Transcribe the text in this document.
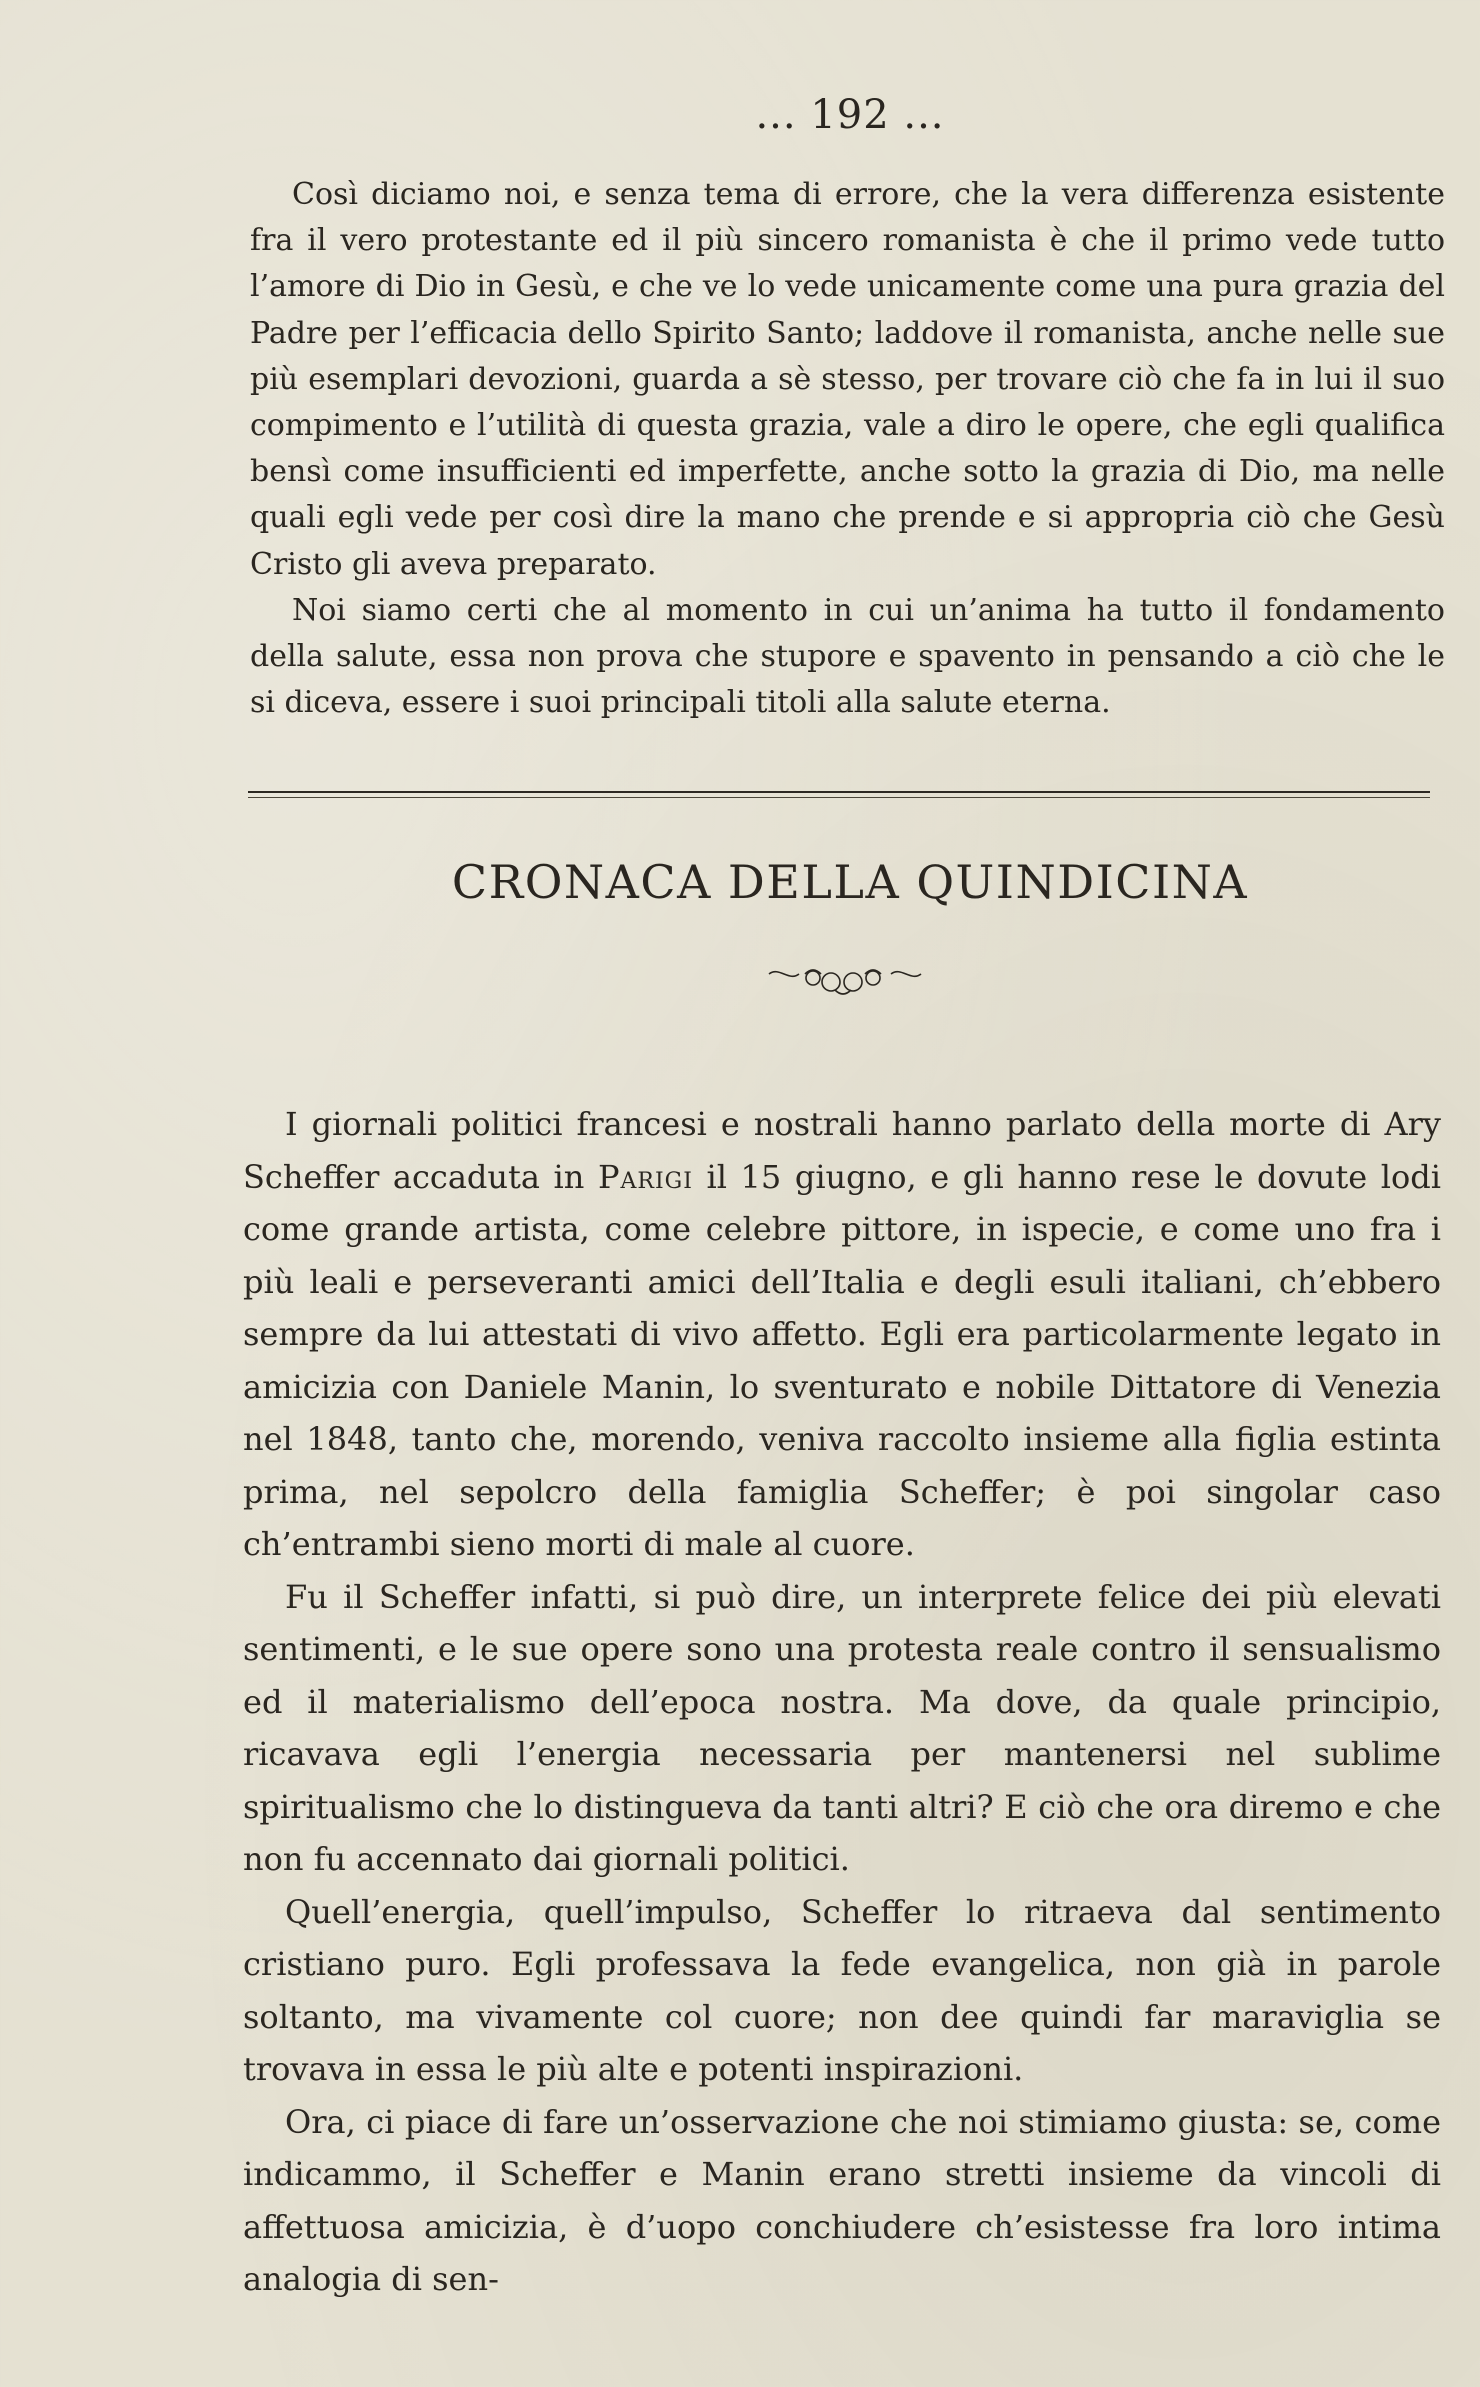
... 192 ...

Così diciamo noi, e senza tema di errore, che la vera differenza esistente fra il vero protestante ed il più sincero romanista è che il primo vede tutto l’amore di Dio in Gesù, e che ve lo vede unicamente come una pura grazia del Padre per l’efficacia dello Spirito Santo; laddove il romanista, anche nelle sue più esemplari devozioni, guarda a sè stesso, per trovare ciò che fa in lui il suo compimento e l’utilità di questa grazia, vale a diro le opere, che egli qualifica bensì come insufficienti ed imperfette, anche sotto la grazia di Dio, ma nelle quali egli vede per così dire la mano che prende e si appropria ciò che Gesù Cristo gli aveva preparato.

Noi siamo certi che al momento in cui un’anima ha tutto il fondamento della salute, essa non prova che stupore e spavento in pensando a ciò che le si diceva, essere i suoi principali titoli alla salute eterna.

CRONACA DELLA QUINDICINA

I giornali politici francesi e nostrali hanno parlato della morte di Ary Scheffer accaduta in Parigi il 15 giugno, e gli hanno rese le dovute lodi come grande artista, come celebre pittore, in ispecie, e come uno fra i più leali e perseveranti amici dell’Italia e degli esuli italiani, ch’ebbero sempre da lui attestati di vivo affetto. Egli era particolarmente legato in amicizia con Daniele Manin, lo sventurato e nobile Dittatore di Venezia nel 1848, tanto che, morendo, veniva raccolto insieme alla figlia estinta prima, nel sepolcro della famiglia Scheffer; è poi singolar caso ch’entrambi sieno morti di male al cuore.

Fu il Scheffer infatti, si può dire, un interprete felice dei più elevati sentimenti, e le sue opere sono una protesta reale contro il sensualismo ed il materialismo dell’epoca nostra. Ma dove, da quale principio, ricavava egli l’energia necessaria per mantenersi nel sublime spiritualismo che lo distingueva da tanti altri? E ciò che ora diremo e che non fu accennato dai giornali politici.

Quell’energia, quell’impulso, Scheffer lo ritraeva dal sentimento cristiano puro. Egli professava la fede evangelica, non già in parole soltanto, ma vivamente col cuore; non dee quindi far maraviglia se trovava in essa le più alte e potenti inspirazioni.

Ora, ci piace di fare un’osservazione che noi stimiamo giusta: se, come indicammo, il Scheffer e Manin erano stretti insieme da vincoli di affettuosa amicizia, è d’uopo conchiudere ch’esistesse fra loro intima analogia di sen-
